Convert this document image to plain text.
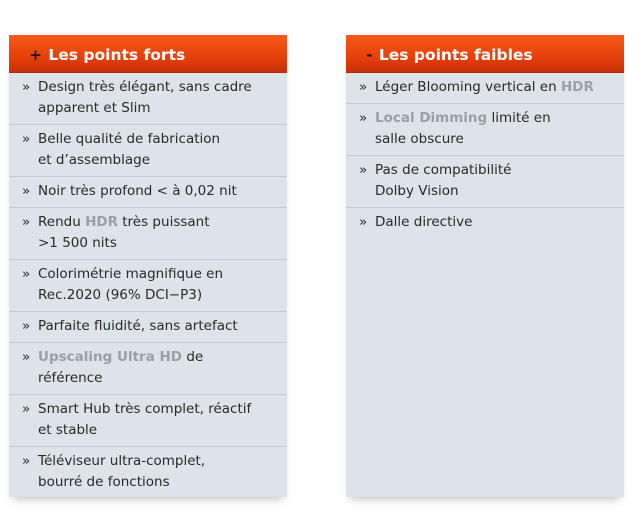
+ Les points forts
» Design très élégant, sans cadre
apparent et Slim
» Belle qualité de fabrication
et d’assemblage
» Noir très profond < à 0,02 nit
» Rendu HDR très puissant
>1 500 nits
» Colorimétrie magnifique en
Rec.2020 (96% DCI−P3)
» Parfaite fluidité, sans artefact
» Upscaling Ultra HD de
référence
» Smart Hub très complet, réactif
et stable
» Téléviseur ultra-complet,
bourré de fonctions
- Les points faibles
» Léger Blooming vertical en HDR
» Local Dimming limité en
salle obscure
» Pas de compatibilité
Dolby Vision
» Dalle directive
